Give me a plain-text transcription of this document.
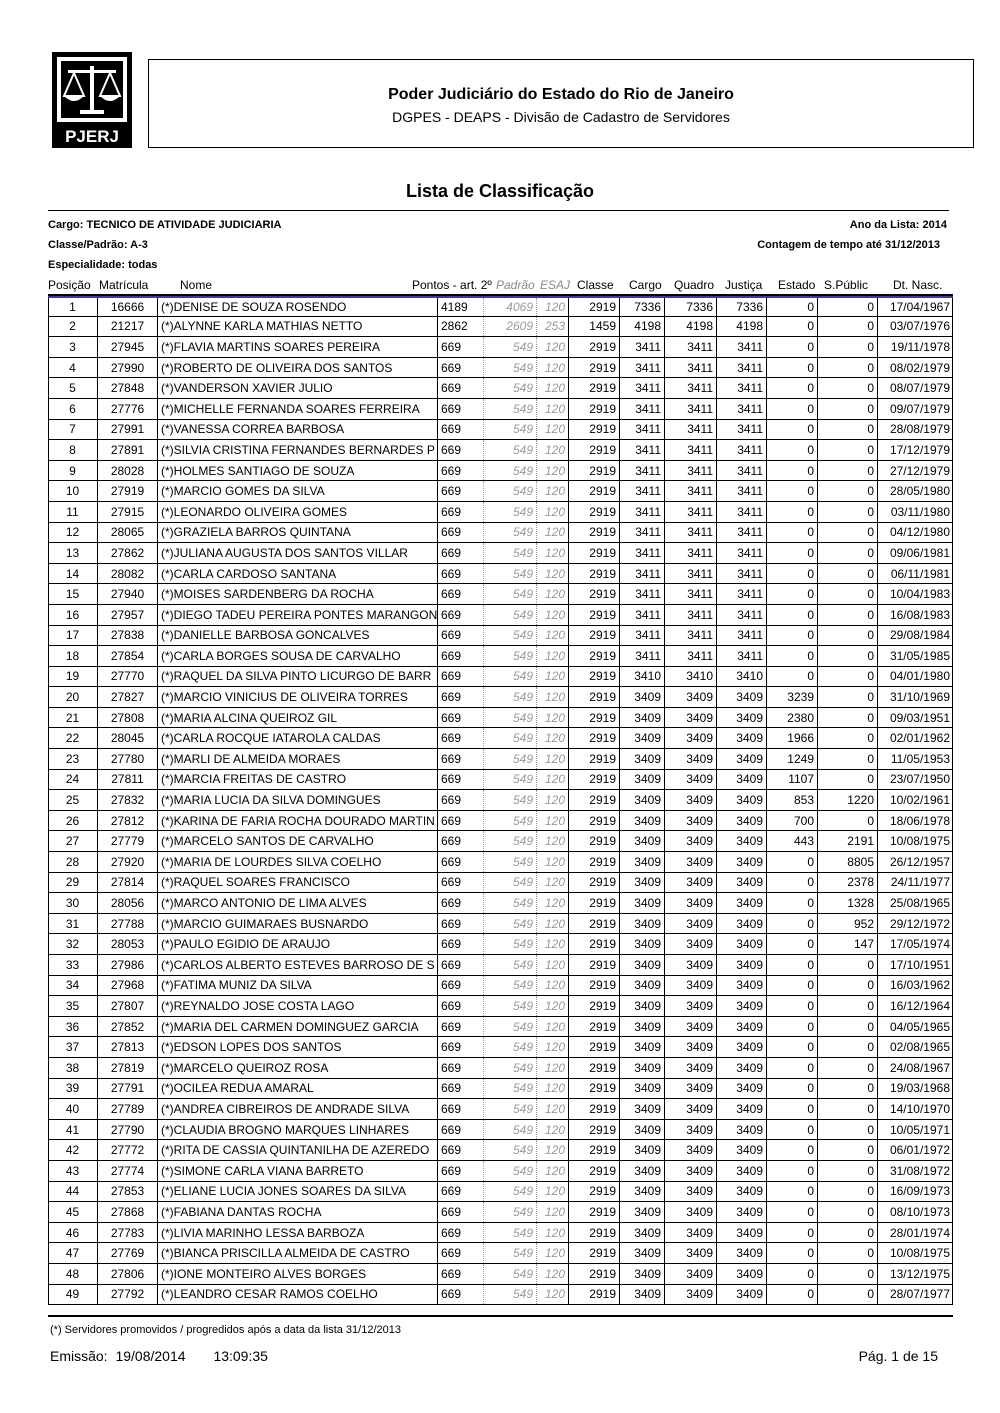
PJERJ
Poder Judiciário do Estado do Rio de Janeiro
DGPES - DEAPS - Divisão de Cadastro de Servidores
Lista de Classificação
Cargo: TECNICO DE ATIVIDADE JUDICIARIA	Ano da Lista: 2014
Classe/Padrão: A-3	Contagem de tempo até 31/12/2013
Especialidade: todas
Posição Matrícula	Nome	Pontos - art. 2º Padrão ESAJ Classe Cargo Quadro Justiça Estado S.Públic Dt. Nasc.
1	16666	(*)DENISE DE SOUZA ROSENDO	4189	4069 120	2919	7336	7336	7336	0	0	17/04/1967
2	21217	(*)ALYNNE KARLA MATHIAS NETTO	2862	2609 253	1459	4198	4198	4198	0	0	03/07/1976
3	27945	(*)FLAVIA MARTINS SOARES PEREIRA	669	549 120	2919	3411	3411	3411	0	0	19/11/1978
4	27990	(*)ROBERTO DE OLIVEIRA DOS SANTOS	669	549 120	2919	3411	3411	3411	0	0	08/02/1979
5	27848	(*)VANDERSON XAVIER JULIO	669	549 120	2919	3411	3411	3411	0	0	08/07/1979
6	27776	(*)MICHELLE FERNANDA SOARES FERREIRA	669	549 120	2919	3411	3411	3411	0	0	09/07/1979
7	27991	(*)VANESSA CORREA BARBOSA	669	549 120	2919	3411	3411	3411	0	0	28/08/1979
8	27891	(*)SILVIA CRISTINA FERNANDES BERNARDES P 669	549 120	2919	3411	3411	3411	0	0	17/12/1979
9	28028	(*)HOLMES SANTIAGO DE SOUZA	669	549 120	2919	3411	3411	3411	0	0	27/12/1979
10	27919	(*)MARCIO GOMES DA SILVA	669	549 120	2919	3411	3411	3411	0	0	28/05/1980
11	27915	(*)LEONARDO OLIVEIRA GOMES	669	549 120	2919	3411	3411	3411	0	0	03/11/1980
12	28065	(*)GRAZIELA BARROS QUINTANA	669	549 120	2919	3411	3411	3411	0	0	04/12/1980
13	27862	(*)JULIANA AUGUSTA DOS SANTOS VILLAR	669	549 120	2919	3411	3411	3411	0	0	09/06/1981
14	28082	(*)CARLA CARDOSO SANTANA	669	549 120	2919	3411	3411	3411	0	0	06/11/1981
15	27940	(*)MOISES SARDENBERG DA ROCHA	669	549 120	2919	3411	3411	3411	0	0	10/04/1983
16	27957	(*)DIEGO TADEU PEREIRA PONTES MARANGON 669	549 120	2919	3411	3411	3411	0	0	16/08/1983
17	27838	(*)DANIELLE BARBOSA GONCALVES	669	549 120	2919	3411	3411	3411	0	0	29/08/1984
18	27854	(*)CARLA BORGES SOUSA DE CARVALHO	669	549 120	2919	3411	3411	3411	0	0	31/05/1985
19	27770	(*)RAQUEL DA SILVA PINTO LICURGO DE BARR 669	549 120	2919	3410	3410	3410	0	0	04/01/1980
20	27827	(*)MARCIO VINICIUS DE OLIVEIRA TORRES	669	549 120	2919	3409	3409	3409	3239	0	31/10/1969
21	27808	(*)MARIA ALCINA QUEIROZ GIL	669	549 120	2919	3409	3409	3409	2380	0	09/03/1951
22	28045	(*)CARLA ROCQUE IATAROLA CALDAS	669	549 120	2919	3409	3409	3409	1966	0	02/01/1962
23	27780	(*)MARLI DE ALMEIDA MORAES	669	549 120	2919	3409	3409	3409	1249	0	11/05/1953
24	27811	(*)MARCIA FREITAS DE CASTRO	669	549 120	2919	3409	3409	3409	1107	0	23/07/1950
25	27832	(*)MARIA LUCIA DA SILVA DOMINGUES	669	549 120	2919	3409	3409	3409	853	1220	10/02/1961
26	27812	(*)KARINA DE FARIA ROCHA DOURADO MARTIN 669	549 120	2919	3409	3409	3409	700	0	18/06/1978
27	27779	(*)MARCELO SANTOS DE CARVALHO	669	549 120	2919	3409	3409	3409	443	2191	10/08/1975
28	27920	(*)MARIA DE LOURDES SILVA COELHO	669	549 120	2919	3409	3409	3409	0	8805	26/12/1957
29	27814	(*)RAQUEL SOARES FRANCISCO	669	549 120	2919	3409	3409	3409	0	2378	24/11/1977
30	28056	(*)MARCO ANTONIO DE LIMA ALVES	669	549 120	2919	3409	3409	3409	0	1328	25/08/1965
31	27788	(*)MARCIO GUIMARAES BUSNARDO	669	549 120	2919	3409	3409	3409	0	952	29/12/1972
32	28053	(*)PAULO EGIDIO DE ARAUJO	669	549 120	2919	3409	3409	3409	0	147	17/05/1974
33	27986	(*)CARLOS ALBERTO ESTEVES BARROSO DE S 669	549 120	2919	3409	3409	3409	0	0	17/10/1951
34	27968	(*)FATIMA MUNIZ DA SILVA	669	549 120	2919	3409	3409	3409	0	0	16/03/1962
35	27807	(*)REYNALDO JOSE COSTA LAGO	669	549 120	2919	3409	3409	3409	0	0	16/12/1964
36	27852	(*)MARIA DEL CARMEN DOMINGUEZ GARCIA	669	549 120	2919	3409	3409	3409	0	0	04/05/1965
37	27813	(*)EDSON LOPES DOS SANTOS	669	549 120	2919	3409	3409	3409	0	0	02/08/1965
38	27819	(*)MARCELO QUEIROZ ROSA	669	549 120	2919	3409	3409	3409	0	0	24/08/1967
39	27791	(*)OCILEA REDUA AMARAL	669	549 120	2919	3409	3409	3409	0	0	19/03/1968
40	27789	(*)ANDREA CIBREIROS DE ANDRADE SILVA	669	549 120	2919	3409	3409	3409	0	0	14/10/1970
41	27790	(*)CLAUDIA BROGNO MARQUES LINHARES	669	549 120	2919	3409	3409	3409	0	0	10/05/1971
42	27772	(*)RITA DE CASSIA QUINTANILHA DE AZEREDO 669	549 120	2919	3409	3409	3409	0	0	06/01/1972
43	27774	(*)SIMONE CARLA VIANA BARRETO	669	549 120	2919	3409	3409	3409	0	0	31/08/1972
44	27853	(*)ELIANE LUCIA JONES SOARES DA SILVA	669	549 120	2919	3409	3409	3409	0	0	16/09/1973
45	27868	(*)FABIANA DANTAS ROCHA	669	549 120	2919	3409	3409	3409	0	0	08/10/1973
46	27783	(*)LIVIA MARINHO LESSA BARBOZA	669	549 120	2919	3409	3409	3409	0	0	28/01/1974
47	27769	(*)BIANCA PRISCILLA ALMEIDA DE CASTRO	669	549 120	2919	3409	3409	3409	0	0	10/08/1975
48	27806	(*)IONE MONTEIRO ALVES BORGES	669	549 120	2919	3409	3409	3409	0	0	13/12/1975
49	27792	(*)LEANDRO CESAR RAMOS COELHO	669	549 120	2919	3409	3409	3409	0	0	28/07/1977
(*) Servidores promovidos / progredidos após a data da lista 31/12/2013
Emissão: 19/08/2014 13:09:35	Pág. 1 de 15
